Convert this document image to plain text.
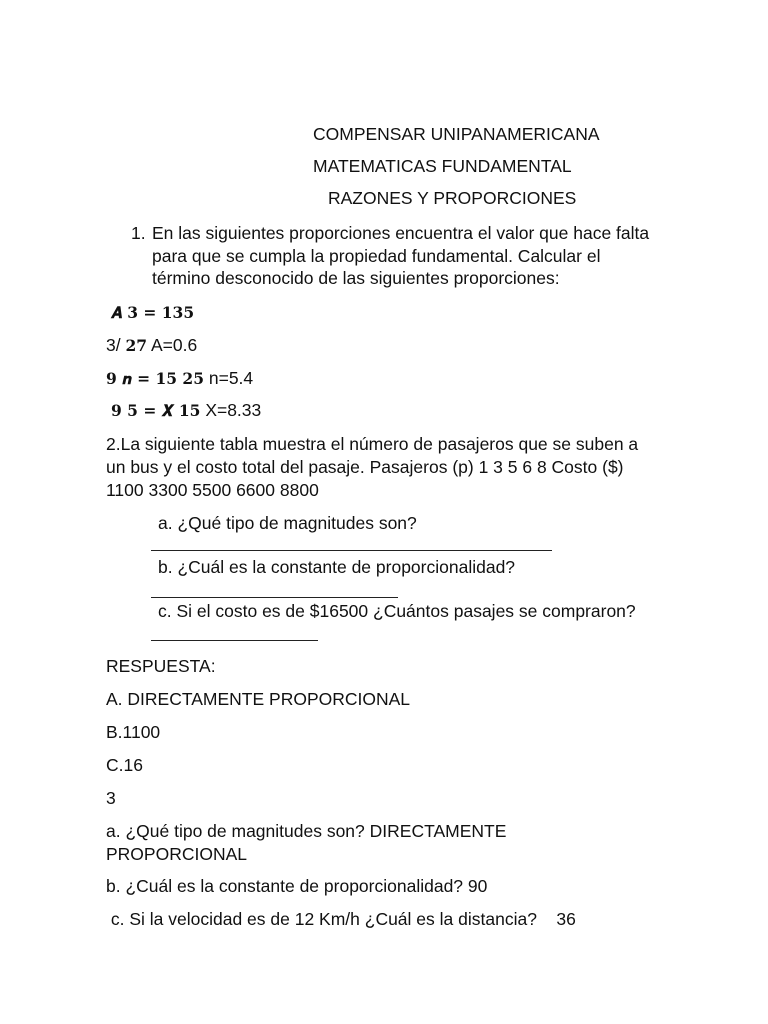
COMPENSAR UNIPANAMERICANA
MATEMATICAS FUNDAMENTAL
RAZONES Y PROPORCIONES
1. En las siguientes proporciones encuentra el valor que hace falta
para que se cumpla la propiedad fundamental. Calcular el
término desconocido de las siguientes proporciones:
𝑨 𝟑 = 𝟏𝟑𝟓
3/ 𝟐𝟕 A=0.6
𝟗 𝒏 = 𝟏𝟓 𝟐𝟓 n=5.4
𝟗 𝟓 = 𝑿 𝟏𝟓 X=8.33
2.La siguiente tabla muestra el número de pasajeros que se suben a
un bus y el costo total del pasaje. Pasajeros (p) 1 3 5 6 8 Costo ($)
1100 3300 5500 6600 8800
a. ¿Qué tipo de magnitudes son?
b. ¿Cuál es la constante de proporcionalidad?
c. Si el costo es de $16500 ¿Cuántos pasajes se compraron?
RESPUESTA:
A. DIRECTAMENTE PROPORCIONAL
B.1100
C.16
3
a. ¿Qué tipo de magnitudes son? DIRECTAMENTE
PROPORCIONAL
b. ¿Cuál es la constante de proporcionalidad? 90
c. Si la velocidad es de 12 Km/h ¿Cuál es la distancia?    36
